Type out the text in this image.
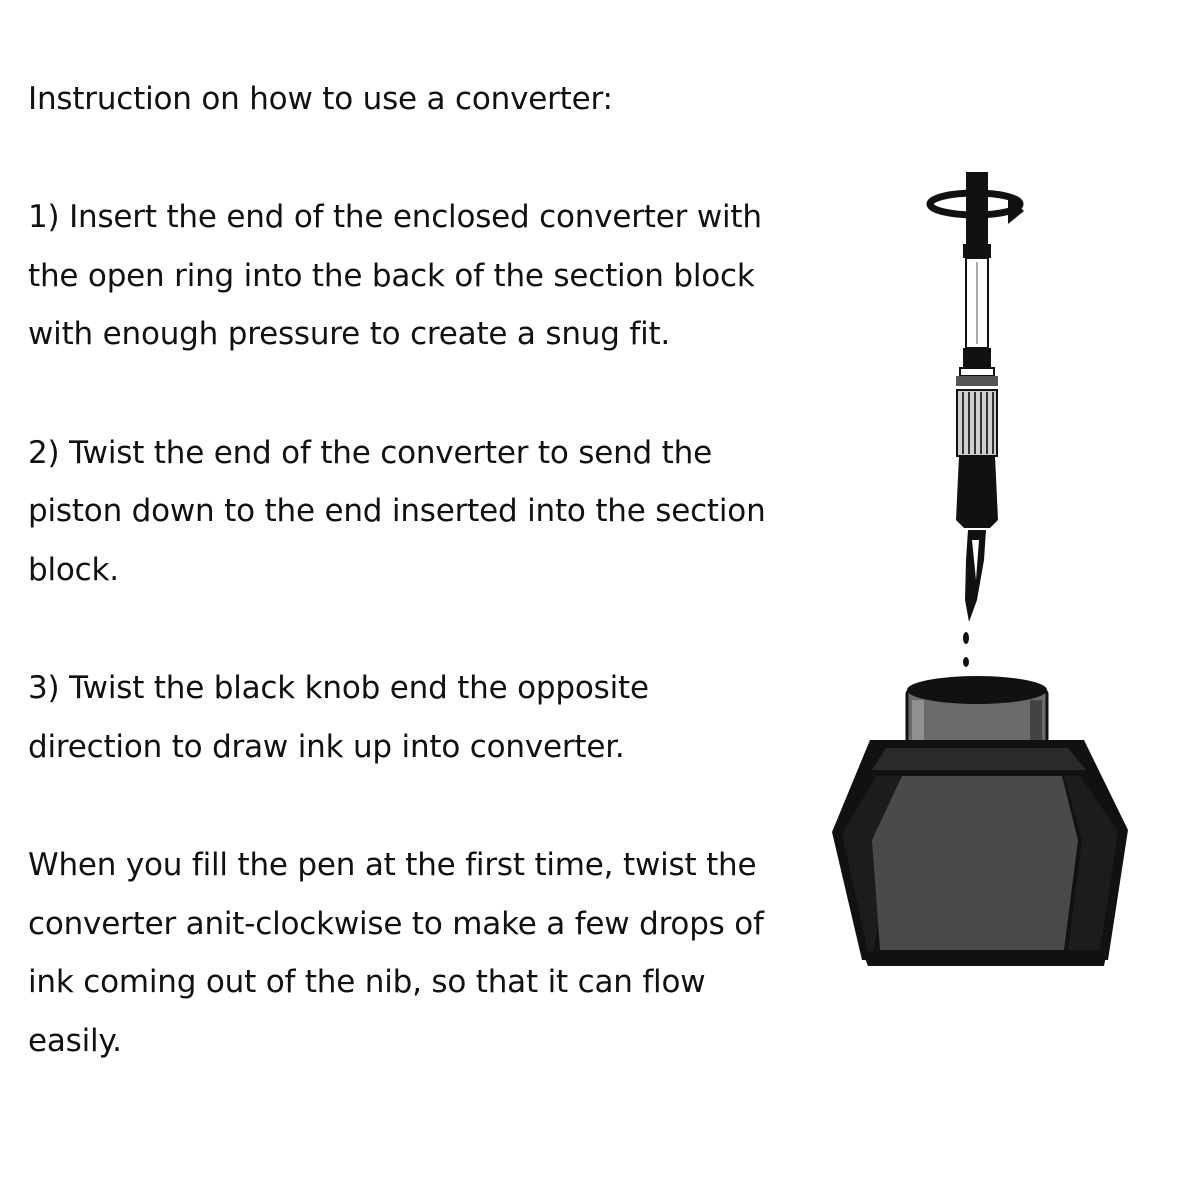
Instruction on how to use a converter:

1) Insert the end of the enclosed converter with
the open ring into the back of the section block
with enough pressure to create a snug fit.

2) Twist the end of the converter to send the
piston down to the end inserted into the section
block.

3) Twist the black knob end the opposite
direction to draw ink up into converter.

When you fill the pen at the first time, twist the
converter anit-clockwise to make a few drops of
ink coming out of the nib, so that it can flow
easily.
